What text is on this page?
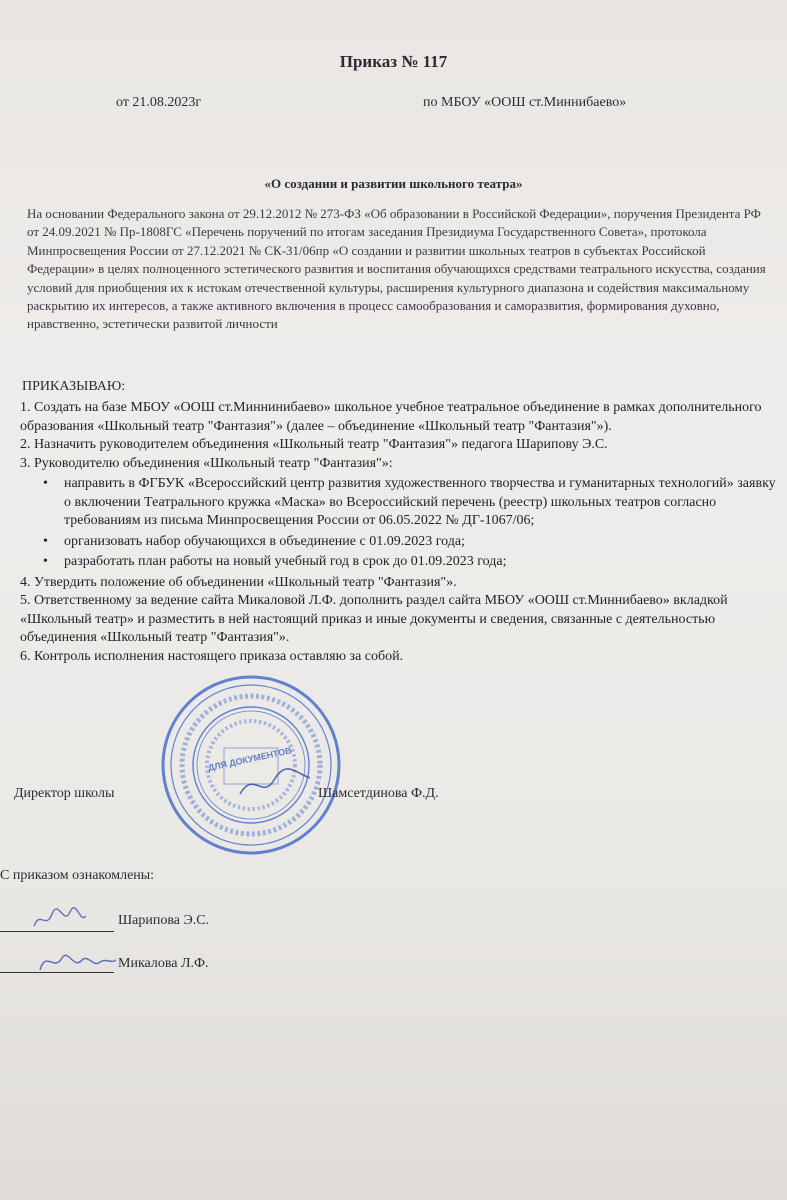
Приказ № 117
от 21.08.2023г	по МБОУ «ООШ ст.Миннибаево»
«О создании и развитии школьного театра»
На основании Федерального закона от 29.12.2012 № 273-ФЗ «Об образовании в Российской Федерации», поручения Президента РФ от 24.09.2021 № Пр-1808ГС «Перечень поручений по итогам заседания Президиума Государственного Совета», протокола Минпросвещения России от 27.12.2021 № СК-31/06пр «О создании и развитии школьных театров в субъектах Российской Федерации» в целях полноценного эстетического развития и воспитания обучающихся средствами театрального искусства, создания условий для приобщения их к истокам отечественной культуры, расширения культурного диапазона и содействия максимальному раскрытию их интересов, а также активного включения в процесс самообразования и саморазвития, формирования духовно, нравственно, эстетически развитой личности
ПРИКАЗЫВАЮ:

1. Создать на базе МБОУ «ООШ ст.Миннинибаево» школьное учебное театральное объединение в рамках дополнительного образования «Школьный театр "Фантазия"» (далее – объединение «Школьный театр "Фантазия"»).

2. Назначить руководителем объединения «Школьный театр "Фантазия"» педагога Шарипову Э.С.

3. Руководителю объединения «Школьный театр "Фантазия"»:

• направить в ФГБУК «Всероссийский центр развития художественного творчества и гуманитарных технологий» заявку о включении Театрального кружка «Маска» во Всероссийский перечень (реестр) школьных театров согласно требованиям из письма Минпросвещения России от 06.05.2022 № ДГ-1067/06;
• организовать набор обучающихся в объединение с 01.09.2023 года;
• разработать план работы на новый учебный год в срок до 01.09.2023 года;

4. Утвердить положение об объединении «Школьный театр "Фантазия"».

5. Ответственному за ведение сайта Микаловой Л.Ф. дополнить раздел сайта МБОУ «ООШ ст.Миннибаево» вкладкой «Школьный театр» и разместить в ней настоящий приказ и иные документы и сведения, связанные с деятельностью объединения «Школьный театр "Фантазия"».

6. Контроль исполнения настоящего приказа оставляю за собой.

ДЛЯ ДОКУМЕНТОВ
Директор школы	Шамсетдинова Ф.Д.
С приказом ознакомлены:
Шарипова Э.С.
Микалова Л.Ф.
